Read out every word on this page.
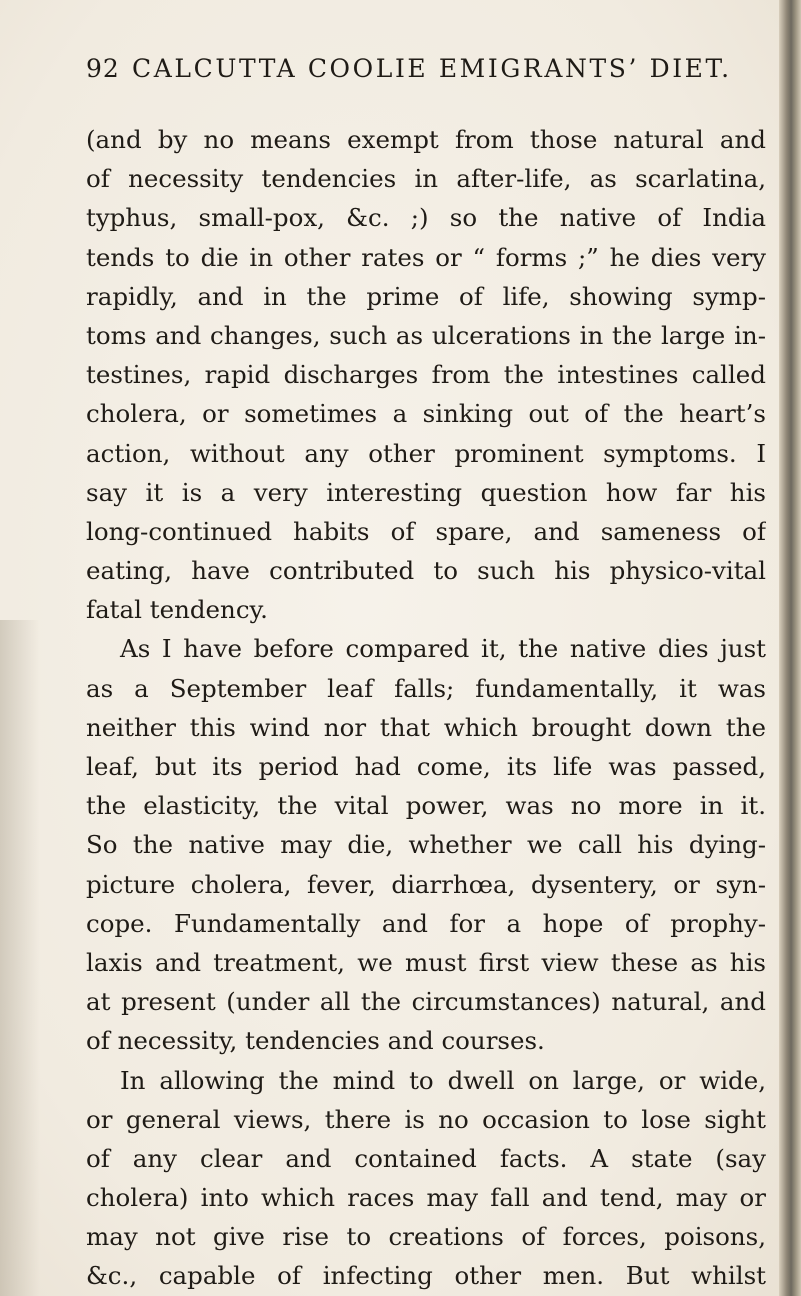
92 CALCUTTA COOLIE EMIGRANTS’ DIET.
(and by no means exempt from those natural and
of necessity tendencies in after-life, as scarlatina,
typhus, small-pox, &c. ;) so the native of India
tends to die in other rates or “ forms ;” he dies very
rapidly, and in the prime of life, showing symp-
toms and changes, such as ulcerations in the large in-
testines, rapid discharges from the intestines called
cholera, or sometimes a sinking out of the heart’s
action, without any other prominent symptoms. I
say it is a very interesting question how far his
long-continued habits of spare, and sameness of
eating, have contributed to such his physico-vital
fatal tendency.
As I have before compared it, the native dies just
as a September leaf falls; fundamentally, it was
neither this wind nor that which brought down the
leaf, but its period had come, its life was passed,
the elasticity, the vital power, was no more in it.
So the native may die, whether we call his dying-
picture cholera, fever, diarrhœa, dysentery, or syn-
cope. Fundamentally and for a hope of prophy-
laxis and treatment, we must first view these as his
at present (under all the circumstances) natural, and
of necessity, tendencies and courses.
In allowing the mind to dwell on large, or wide,
or general views, there is no occasion to lose sight
of any clear and contained facts. A state (say
cholera) into which races may fall and tend, may or
may not give rise to creations of forces, poisons,
&c., capable of infecting other men. But whilst
